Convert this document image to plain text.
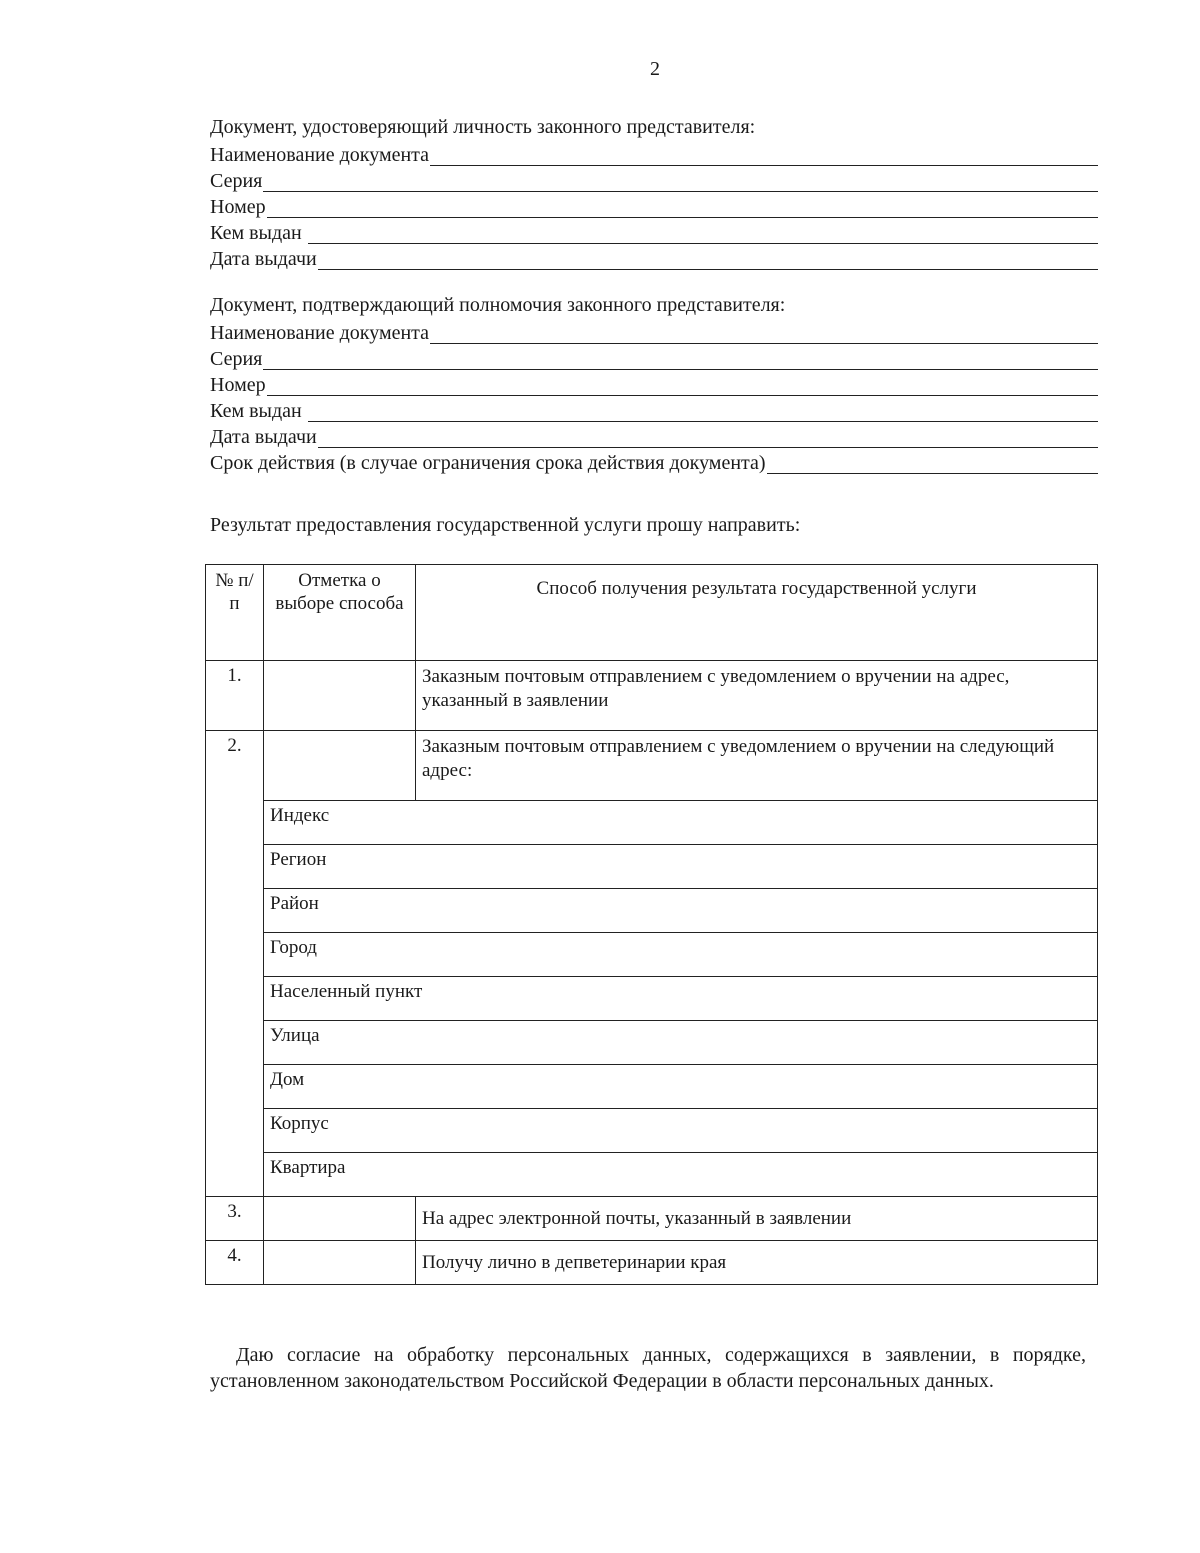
2
Документ, удостоверяющий личность законного представителя:
Наименование документа
Серия
Номер
Кем выдан
Дата выдачи
Документ, подтверждающий полномочия законного представителя:
Наименование документа
Серия
Номер
Кем выдан
Дата выдачи
Срок действия (в случае ограничения срока действия документа)
Результат предоставления государственной услуги прошу направить:
№ п/п	Отметка о выборе способа	Способ получения результата государственной услуги
1.		Заказным почтовым отправлением с уведомлением о вручении на адрес, указанный в заявлении
2.		Заказным почтовым отправлением с уведомлением о вручении на следующий адрес:
	Индекс	
	Регион	
	Район	
	Город	
	Населенный пункт	
	Улица	
	Дом	
	Корпус	
	Квартира	
3.		На адрес электронной почты, указанный в заявлении
4.		Получу лично в депветеринарии края
Даю согласие на обработку персональных данных, содержащихся в заявлении, в порядке, установленном законодательством Российской Федерации в области персональных данных.
